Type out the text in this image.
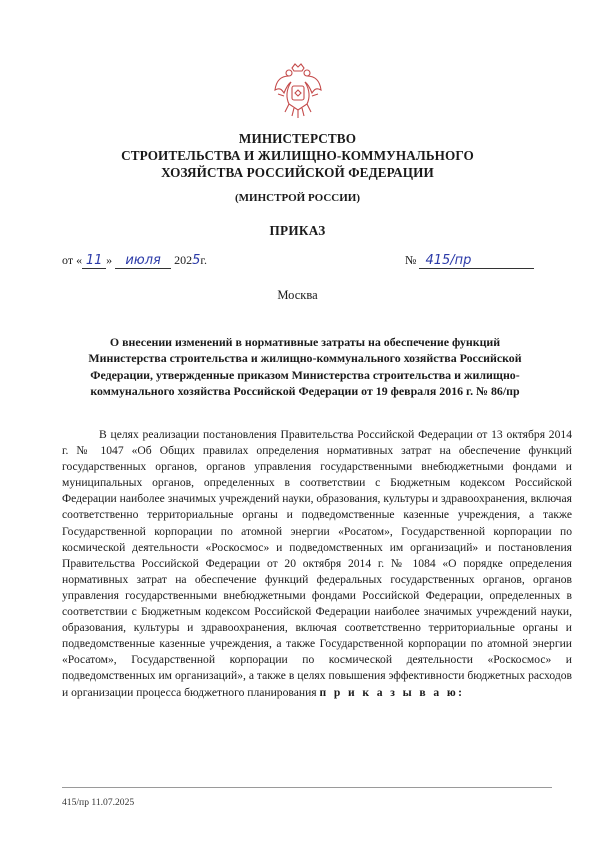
МИНИСТЕРСТВО
СТРОИТЕЛЬСТВА И ЖИЛИЩНО-КОММУНАЛЬНОГО
ХОЗЯЙСТВА РОССИЙСКОЙ ФЕДЕРАЦИИ
(МИНСТРОЙ РОССИИ)
ПРИКАЗ
от « 11 » июля 2025г.	№ 415/пр
Москва
О внесении изменений в нормативные затраты на обеспечение функций Министерства строительства и жилищно-коммунального хозяйства Российской Федерации, утвержденные приказом Министерства строительства и жилищно-коммунального хозяйства Российской Федерации от 19 февраля 2016 г. № 86/пр

В целях реализации постановления Правительства Российской Федерации от 13 октября 2014 г. № 1047 «Об Общих правилах определения нормативных затрат на обеспечение функций государственных органов, органов управления государственными внебюджетными фондами и муниципальных органов, определенных в соответствии с Бюджетным кодексом Российской Федерации наиболее значимых учреждений науки, образования, культуры и здравоохранения, включая соответственно территориальные органы и подведомственные казенные учреждения, а также Государственной корпорации по атомной энергии «Росатом», Государственной корпорации по космической деятельности «Роскосмос» и подведомственных им организаций» и постановления Правительства Российской Федерации от 20 октября 2014 г. № 1084 «О порядке определения нормативных затрат на обеспечение функций федеральных государственных органов, органов управления государственными внебюджетными фондами Российской Федерации, определенных в соответствии с Бюджетным кодексом Российской Федерации наиболее значимых учреждений науки, образования, культуры и здравоохранения, включая соответственно территориальные органы и подведомственные казенные учреждения, а также Государственной корпорации по атомной энергии «Росатом», Государственной корпорации по космической деятельности «Роскосмос» и подведомственных им организаций», а также в целях повышения эффективности бюджетных расходов и организации процесса бюджетного планирования п р и к а з ы в а ю:

415/пр 11.07.2025
